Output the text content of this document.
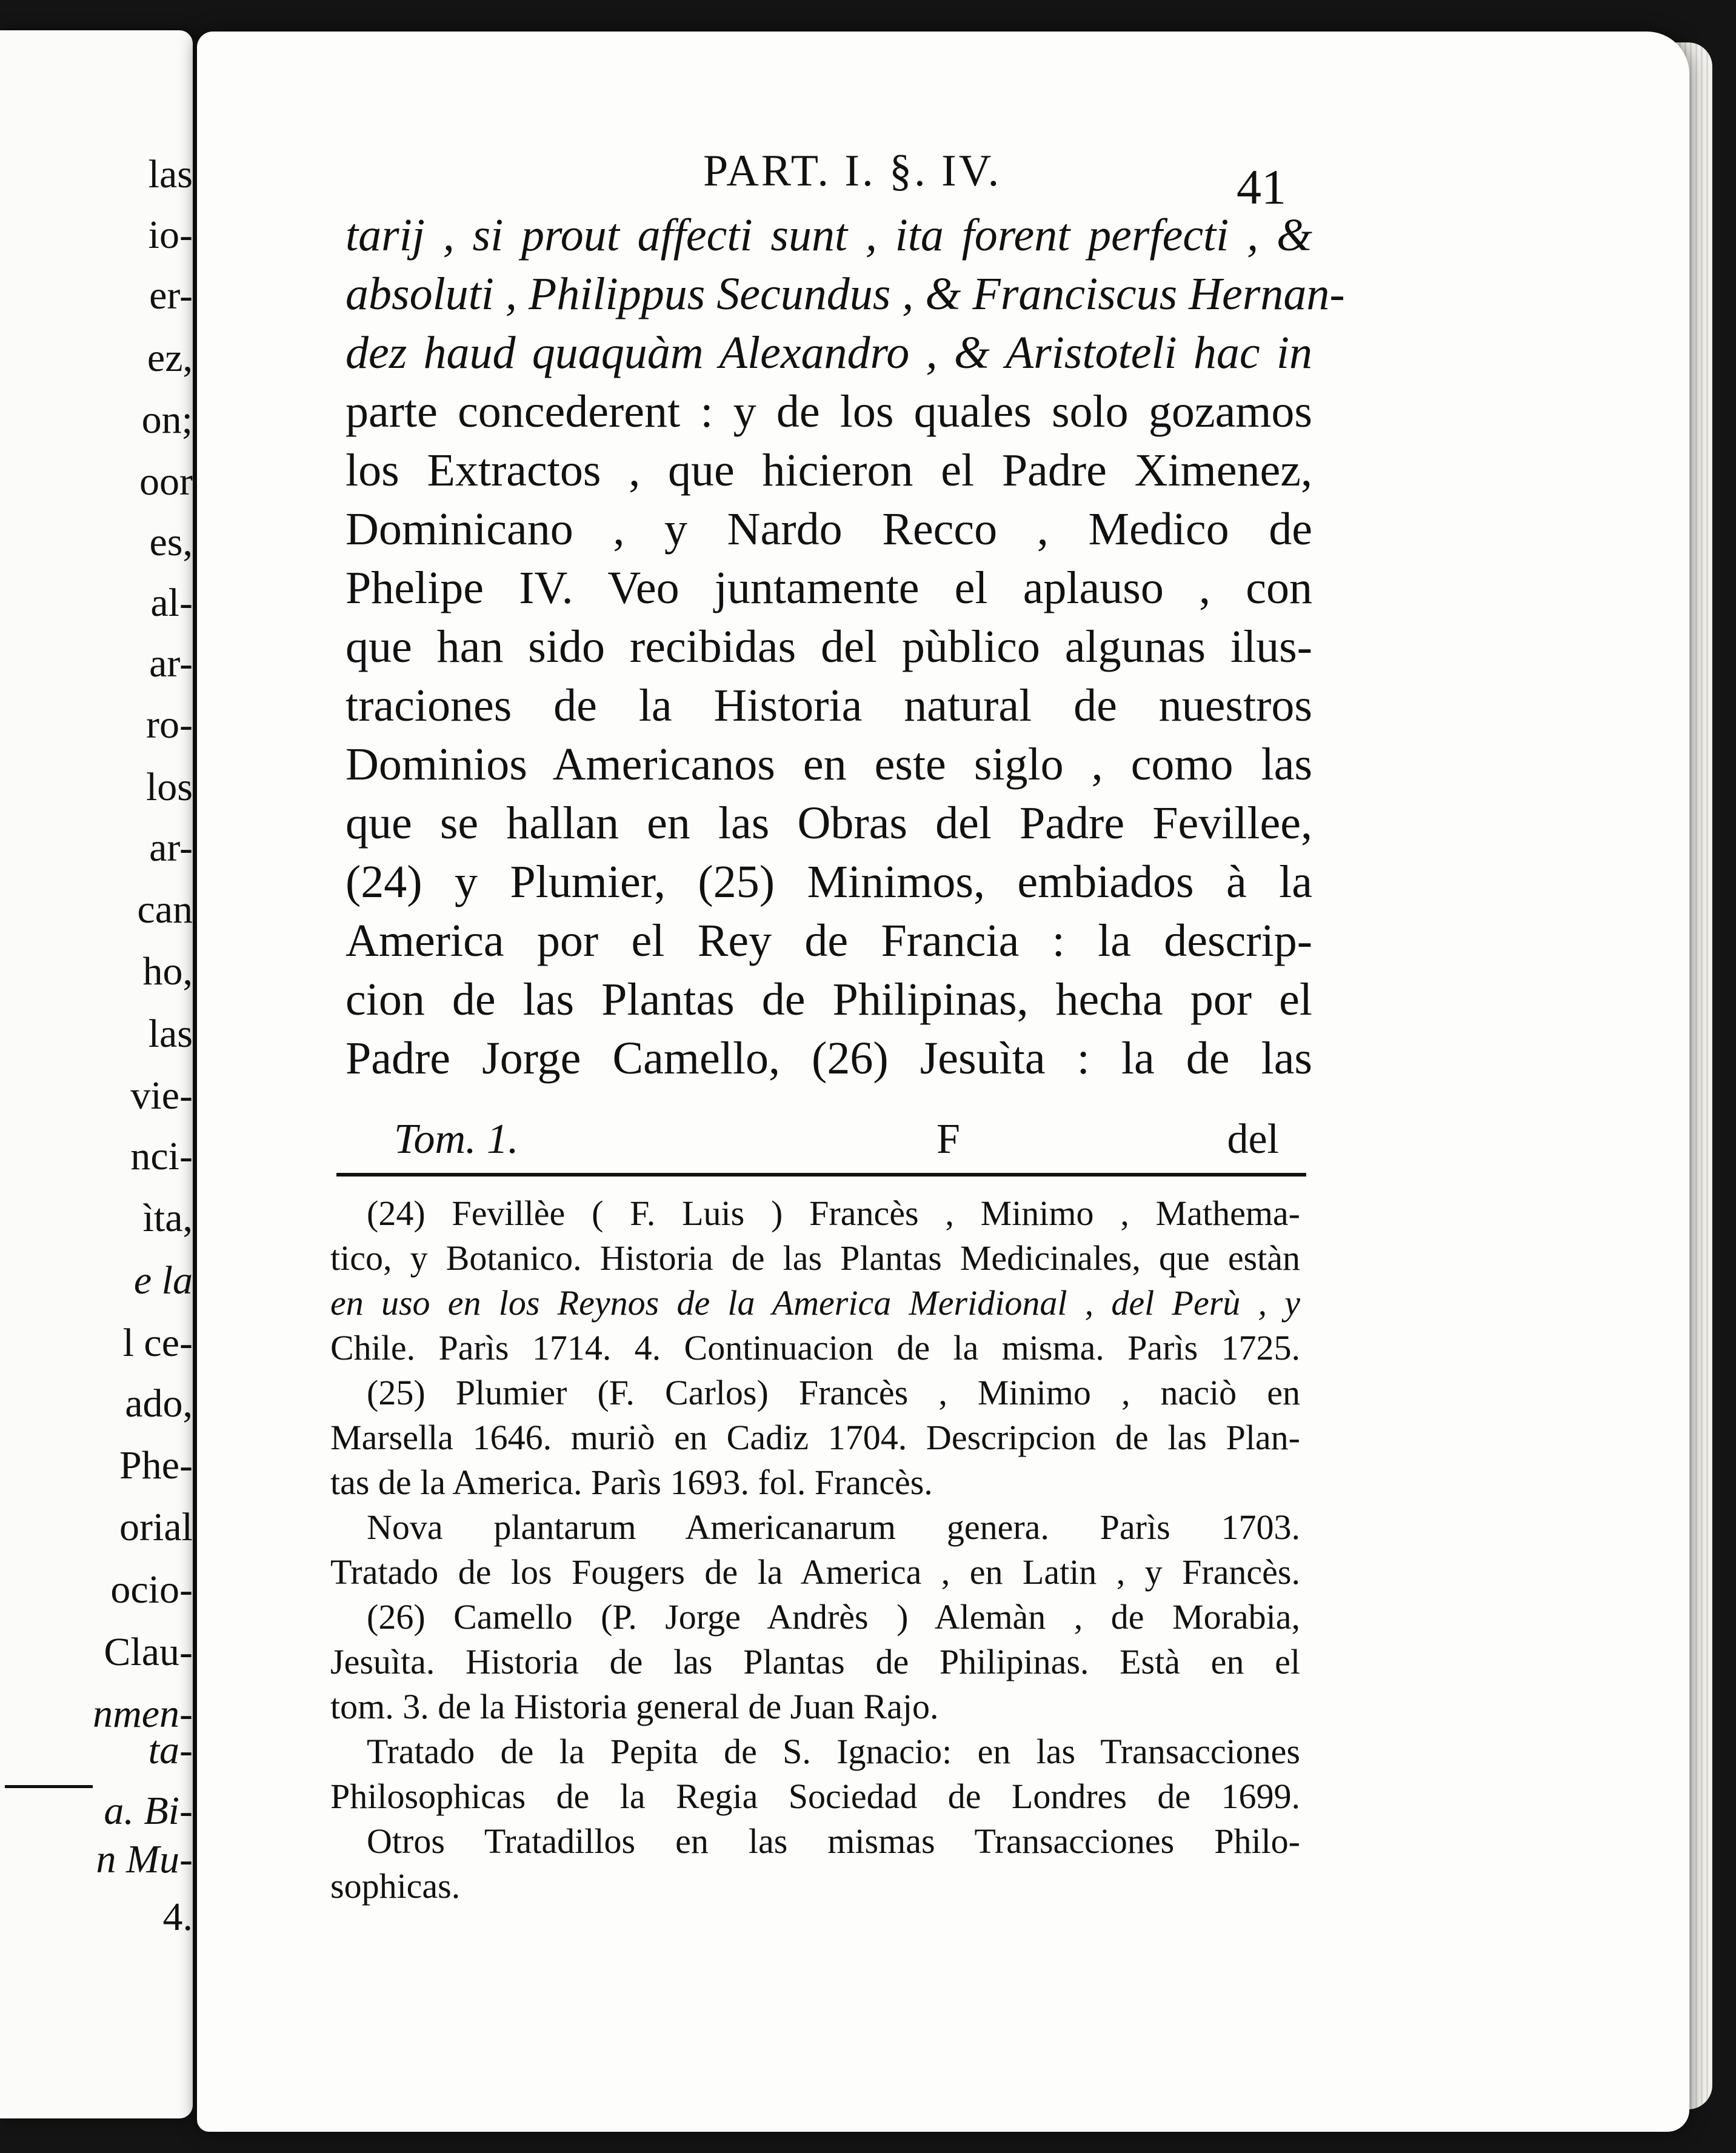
las
io-
er-
ez,
on;
oor
es,
al-
ar-
ro-
los
ar-
can
ho,
las
vie-
nci-
ìta,
e la
l ce-
ado,
Phe-
orial
ocio-
Clau-
nmen-
ta-
a. Bi-
n Mu-
4.
PART. I. §. IV.	41
tarij , si prout affecti sunt , ita forent perfecti , &
absoluti , Philippus Secundus , & Franciscus Hernan-
dez haud quaquàm Alexandro , & Aristoteli hac in
parte concederent : y de los quales solo gozamos
los Extractos , que hicieron el Padre Ximenez,
Dominicano , y Nardo Recco , Medico de
Phelipe IV. Veo juntamente el aplauso , con
que han sido recibidas del pùblico algunas ilus-
traciones de la Historia natural de nuestros
Dominios Americanos en este siglo , como las
que se hallan en las Obras del Padre Fevillee,
(24) y Plumier, (25) Minimos, embiados à la
America por el Rey de Francia : la descrip-
cion de las Plantas de Philipinas, hecha por el
Padre Jorge Camello, (26) Jesuìta : la de las
Tom. 1.	F	del
(24) Fevillèe ( F. Luis ) Francès , Minimo , Mathema-
tico, y Botanico. Historia de las Plantas Medicinales, que estàn
en uso en los Reynos de la America Meridional , del Perù , y
Chile. Parìs 1714. 4. Continuacion de la misma. Parìs 1725.
(25) Plumier (F. Carlos) Francès , Minimo , naciò en
Marsella 1646. muriò en Cadiz 1704. Descripcion de las Plan-
tas de la America. Parìs 1693. fol. Francès.
Nova plantarum Americanarum genera. Parìs 1703.
Tratado de los Fougers de la America , en Latin , y Francès.
(26) Camello (P. Jorge Andrès ) Alemàn , de Morabia,
Jesuìta. Historia de las Plantas de Philipinas. Està en el
tom. 3. de la Historia general de Juan Rajo.
Tratado de la Pepita de S. Ignacio: en las Transacciones
Philosophicas de la Regia Sociedad de Londres de 1699.
Otros Tratadillos en las mismas Transacciones Philo-
sophicas.
